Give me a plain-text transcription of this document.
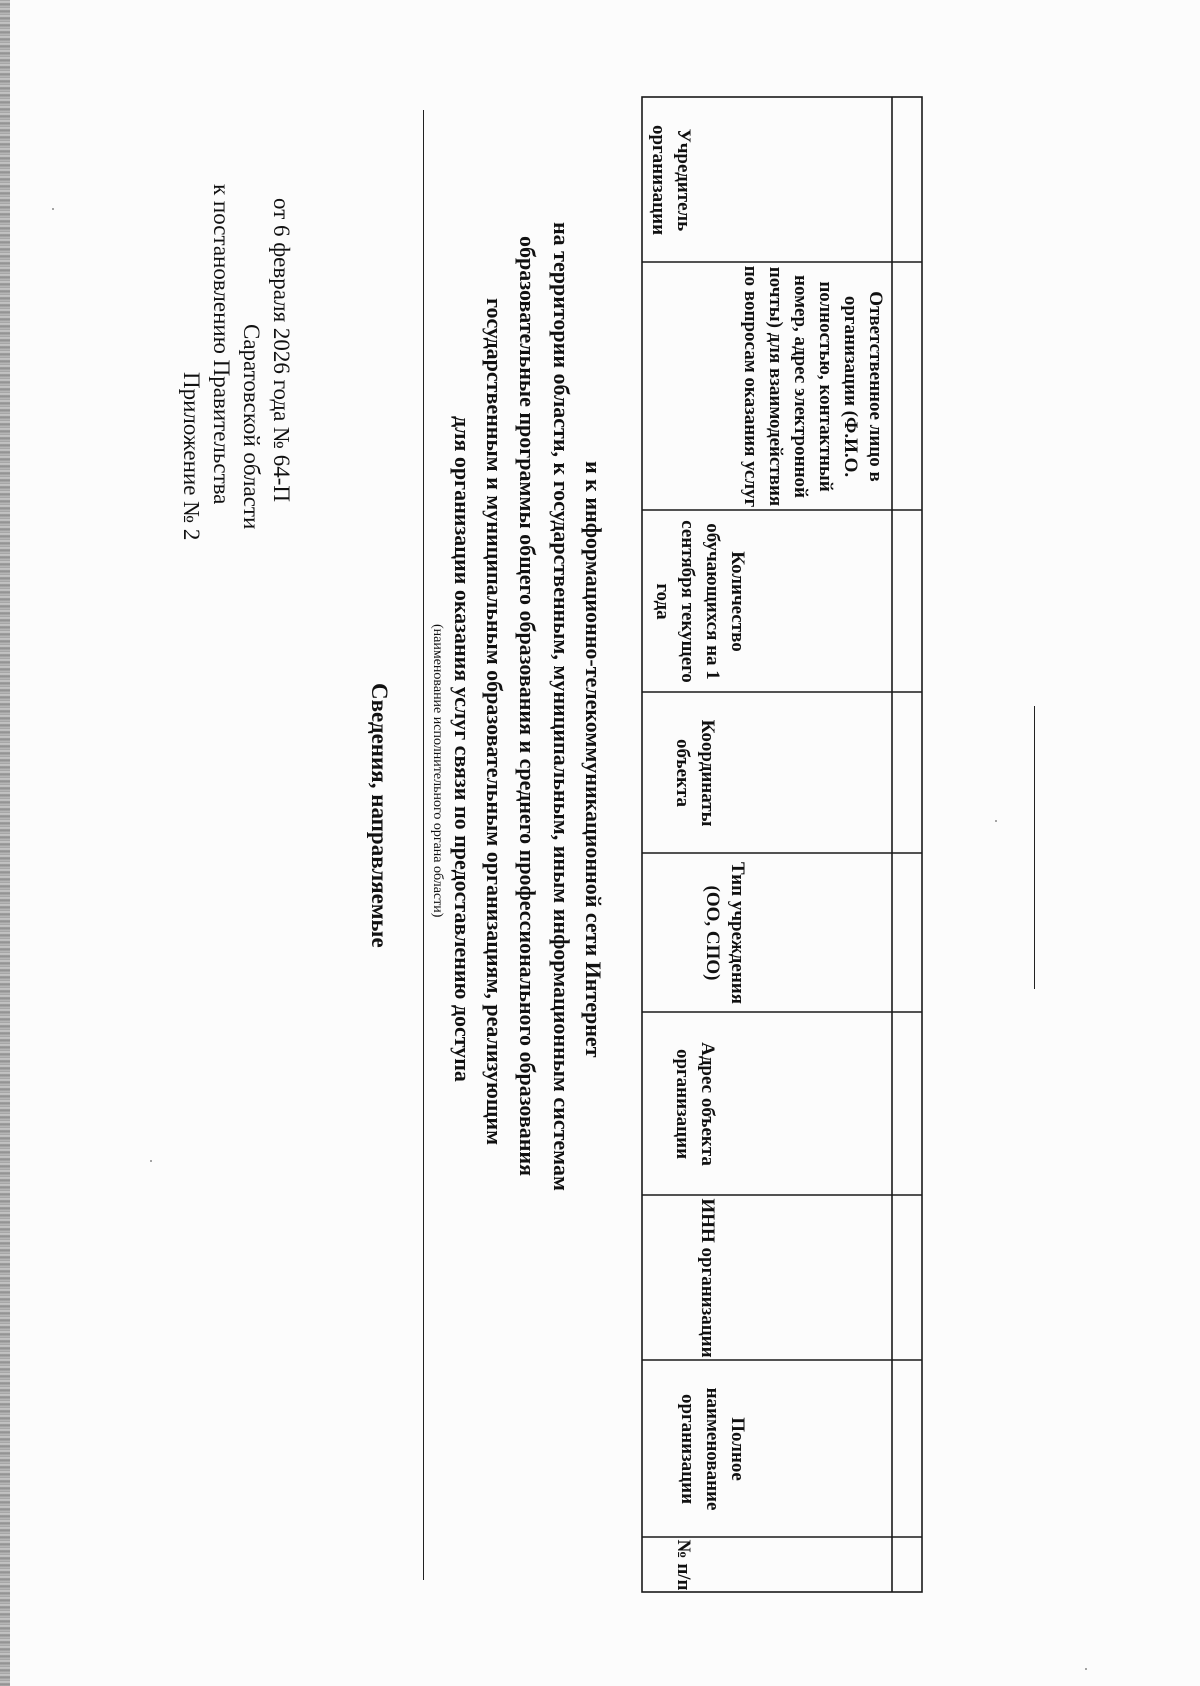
Приложение № 2 к постановлению Правительства Саратовской области от 6 февраля 2026 года № 64-П
Сведения, направляемые	(наименование исполнительного органа области) для организации оказания услуг связи по предоставлению доступа государственным и муниципальным образовательным организациям, реализующим образовательные программы общего образования и среднего профессионального образования на территории области, к государственным, муниципальным, иным информационным системам и к информационно-телекоммуникационной сети Интернет
№ п/п
Полное наименование организации
ИНН организации
Адрес объекта организации
Тип учреждения (ОО, СПО)
Координаты объекта
Количество обучающихся на 1 сентября текущего года
Ответственное лицо в организации (Ф.И.О. полностью, контактный номер, адрес электронной почты) для взаимодействия по вопросам оказания услуг
Учредитель организации
